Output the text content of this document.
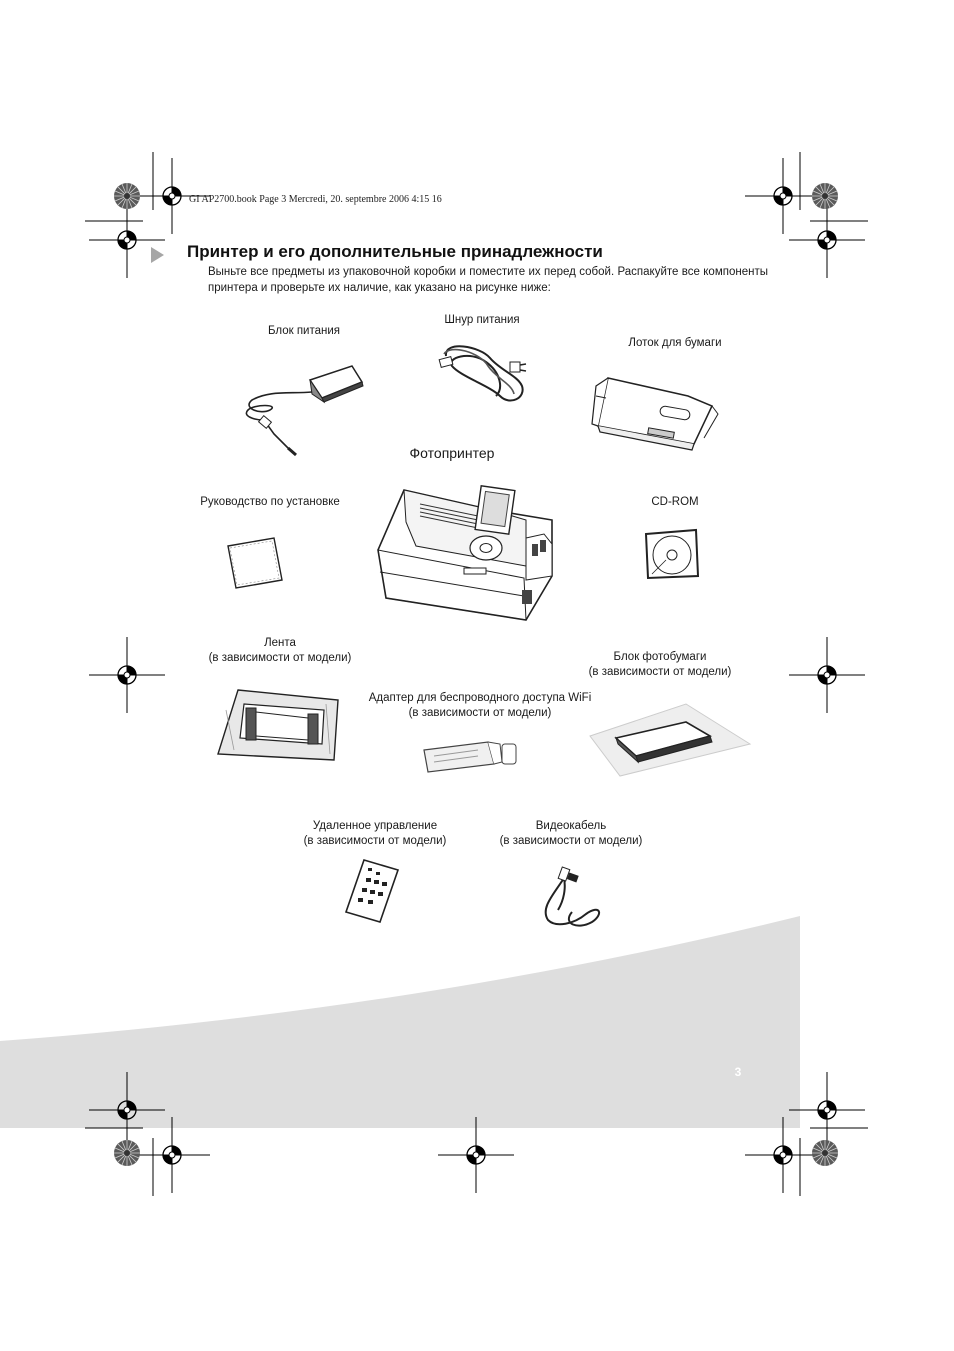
GI AP2700.book Page 3 Mercredi, 20. septembre 2006 4:15 16
Принтер и его дополнительные принадлежности
Выньте все предметы из упаковочной коробки и поместите их перед собой. Распакуйте все компоненты принтера и проверьте их наличие, как указано на рисунке ниже:
Блок питания
Шнур питания
Лоток для бумаги
Фотопринтер
Руководство по установке	CD-ROM
Лента
(в зависимости от модели)
Адаптер для беспроводного доступа WiFi
(в зависимости от модели)
Блок фотобумаги
(в зависимости от модели)
Удаленное управление
(в зависимости от модели)
Видеокабель
(в зависимости от модели)
3
